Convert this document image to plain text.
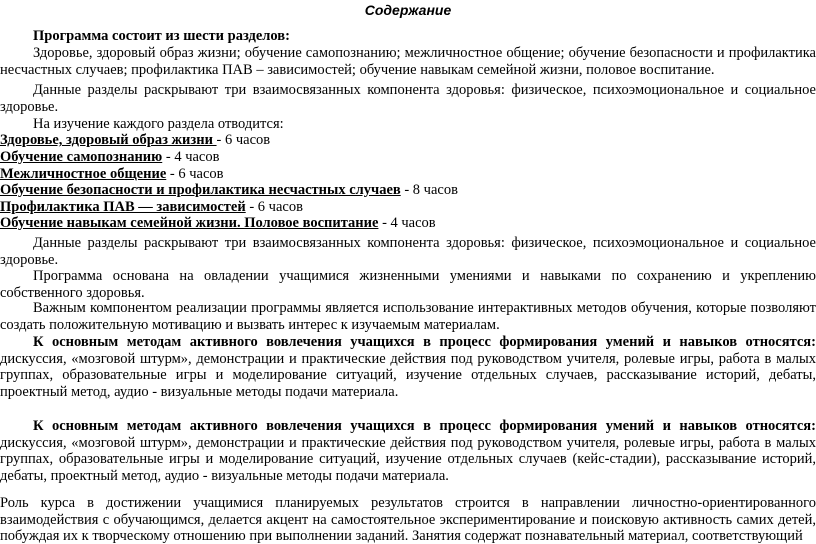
Содержание

Программа состоит из шести разделов:

Здоровье, здоровый образ жизни; обучение самопознанию; межличностное общение; обучение безопасности и профилактика несчастных случаев; профилактика ПАВ – зависимостей; обучение навыкам семейной жизни, половое воспитание.

Данные разделы раскрывают три взаимосвязанных компонента здоровья: физическое, психоэмоциональное и социальное здоровье.

На изучение каждого раздела отводится:

Здоровье, здоровый образ жизни - 6 часов
Обучение самопознанию - 4 часов
Межличностное общение - 6 часов
Обучение безопасности и профилактика несчастных случаев - 8 часов
Профилактика ПАВ — зависимостей - 6 часов
Обучение навыкам семейной жизни. Половое воспитание - 4 часов

Данные разделы раскрывают три взаимосвязанных компонента здоровья: физическое, психоэмоциональное и социальное здоровье.

Программа основана на овладении учащимися жизненными умениями и навыками по сохранению и укреплению собственного здоровья.

Важным компонентом реализации программы является использование интерактивных методов обучения, которые позволяют создать положительную мотивацию и вызвать интерес к изучаемым материалам.

К основным методам активного вовлечения учащихся в процесс формирования умений и навыков относятся: дискуссия, «мозговой штурм», демонстрации и практические действия под руководством учителя, ролевые игры, работа в малых группах, образовательные игры и моделирование ситуаций, изучение отдельных случаев, рассказывание историй, дебаты, проектный метод, аудио - визуальные методы подачи материала.

К основным методам активного вовлечения учащихся в процесс формирования умений и навыков относятся: дискуссия, «мозговой штурм», демонстрации и практические действия под руководством учителя, ролевые игры, работа в малых группах, образовательные игры и моделирование ситуаций, изучение отдельных случаев (кейс-стадии), рассказывание историй, дебаты, проектный метод, аудио - визуальные методы подачи материала.

Роль курса в достижении учащимися планируемых результатов строится в направлении личностно-ориентированного взаимодействия с обучающимся, делается акцент на самостоятельное экспериментирование и поисковую активность самих детей, побуждая их к творческому отношению при выполнении заданий. Занятия содержат познавательный материал, соответствующий
